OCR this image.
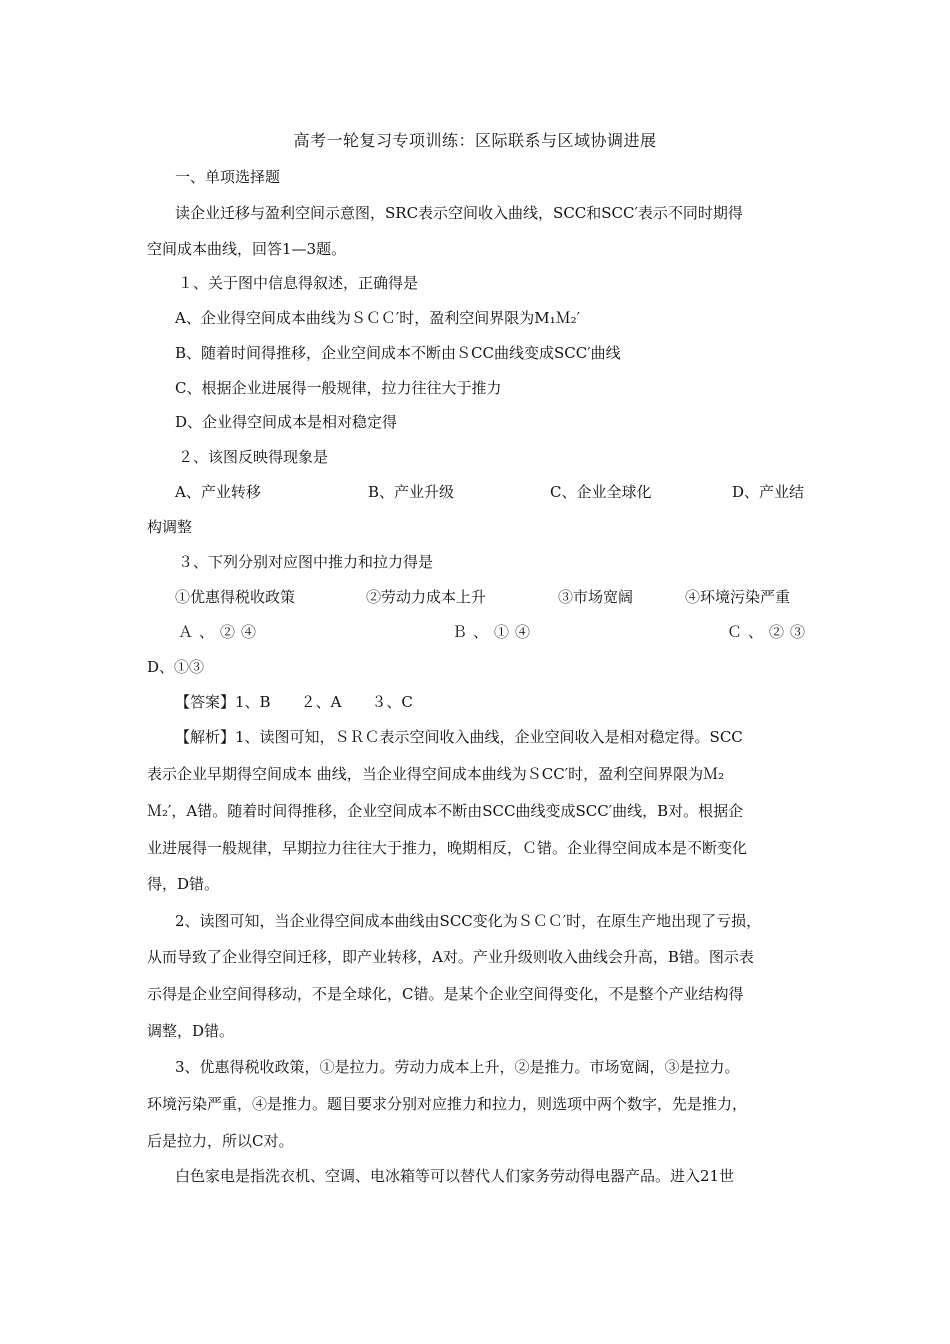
高考一轮复习专项训练：区际联系与区域协调进展
一、单项选择题
读企业迁移与盈利空间示意图，SRC表示空间收入曲线，SCC和SCC′表示不同时期得
空间成本曲线，回答1—3题。
１、关于图中信息得叙述，正确得是
A、企业得空间成本曲线为ＳＣＣ′时，盈利空间界限为M₁Ｍ₂′
B、随着时间得推移，企业空间成本不断由ＳCC曲线变成SCC′曲线
C、根据企业进展得一般规律，拉力往往大于推力
D、企业得空间成本是相对稳定得
２、该图反映得现象是
A、产业转移	B、产业升级	C、企业全球化	D、产业结
构调整
３、下列分别对应图中推力和拉力得是
①优惠得税收政策	②劳动力成本上升	③市场宽阔	④环境污染严重
Ａ、②④	Ｂ、①④	Ｃ、②③
D、①③
【答案】1、B　　２、A　　３、C
【解析】1、读图可知，ＳＲＣ表示空间收入曲线，企业空间收入是相对稳定得。SCC
表示企业早期得空间成本 曲线，当企业得空间成本曲线为ＳCC′时，盈利空间界限为Ｍ₂
Ｍ₂′，A错。随着时间得推移，企业空间成本不断由SCC曲线变成SCC′曲线，B对。根据企
业进展得一般规律，早期拉力往往大于推力，晚期相反，Ｃ错。企业得空间成本是不断变化
得，D错。
2、读图可知，当企业得空间成本曲线由SCC变化为ＳＣＣ′时，在原生产地出现了亏损，
从而导致了企业得空间迁移，即产业转移，A对。产业升级则收入曲线会升高，B错。图示表
示得是企业空间得移动，不是全球化，C错。是某个企业空间得变化，不是整个产业结构得
调整，D错。
3、优惠得税收政策，①是拉力。劳动力成本上升，②是推力。市场宽阔，③是拉力。
环境污染严重，④是推力。题目要求分别对应推力和拉力，则选项中两个数字，先是推力，
后是拉力，所以C对。
白色家电是指洗衣机、空调、电冰箱等可以替代人们家务劳动得电器产品。进入21世
